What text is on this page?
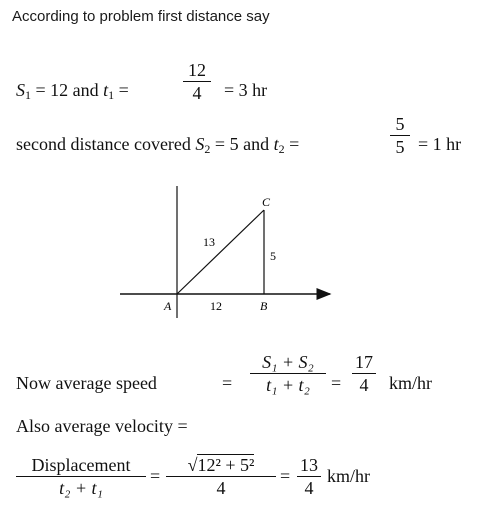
According to problem first distance say
$S_1 = 12$ and $t_1$ =
12
4	= 3 hr
second distance covered $S_2 = 5$ and $t_2$ =
5
5 = 1 hr
A	B
C
13
12
5
Now average speed	=
S₁ + S₂
t₁ + t₂	=
17
4	km/hr
Also average velocity =
Displacement
t₂ + t₁
=
√12² + 5²
4
=
13
4
km/hr
